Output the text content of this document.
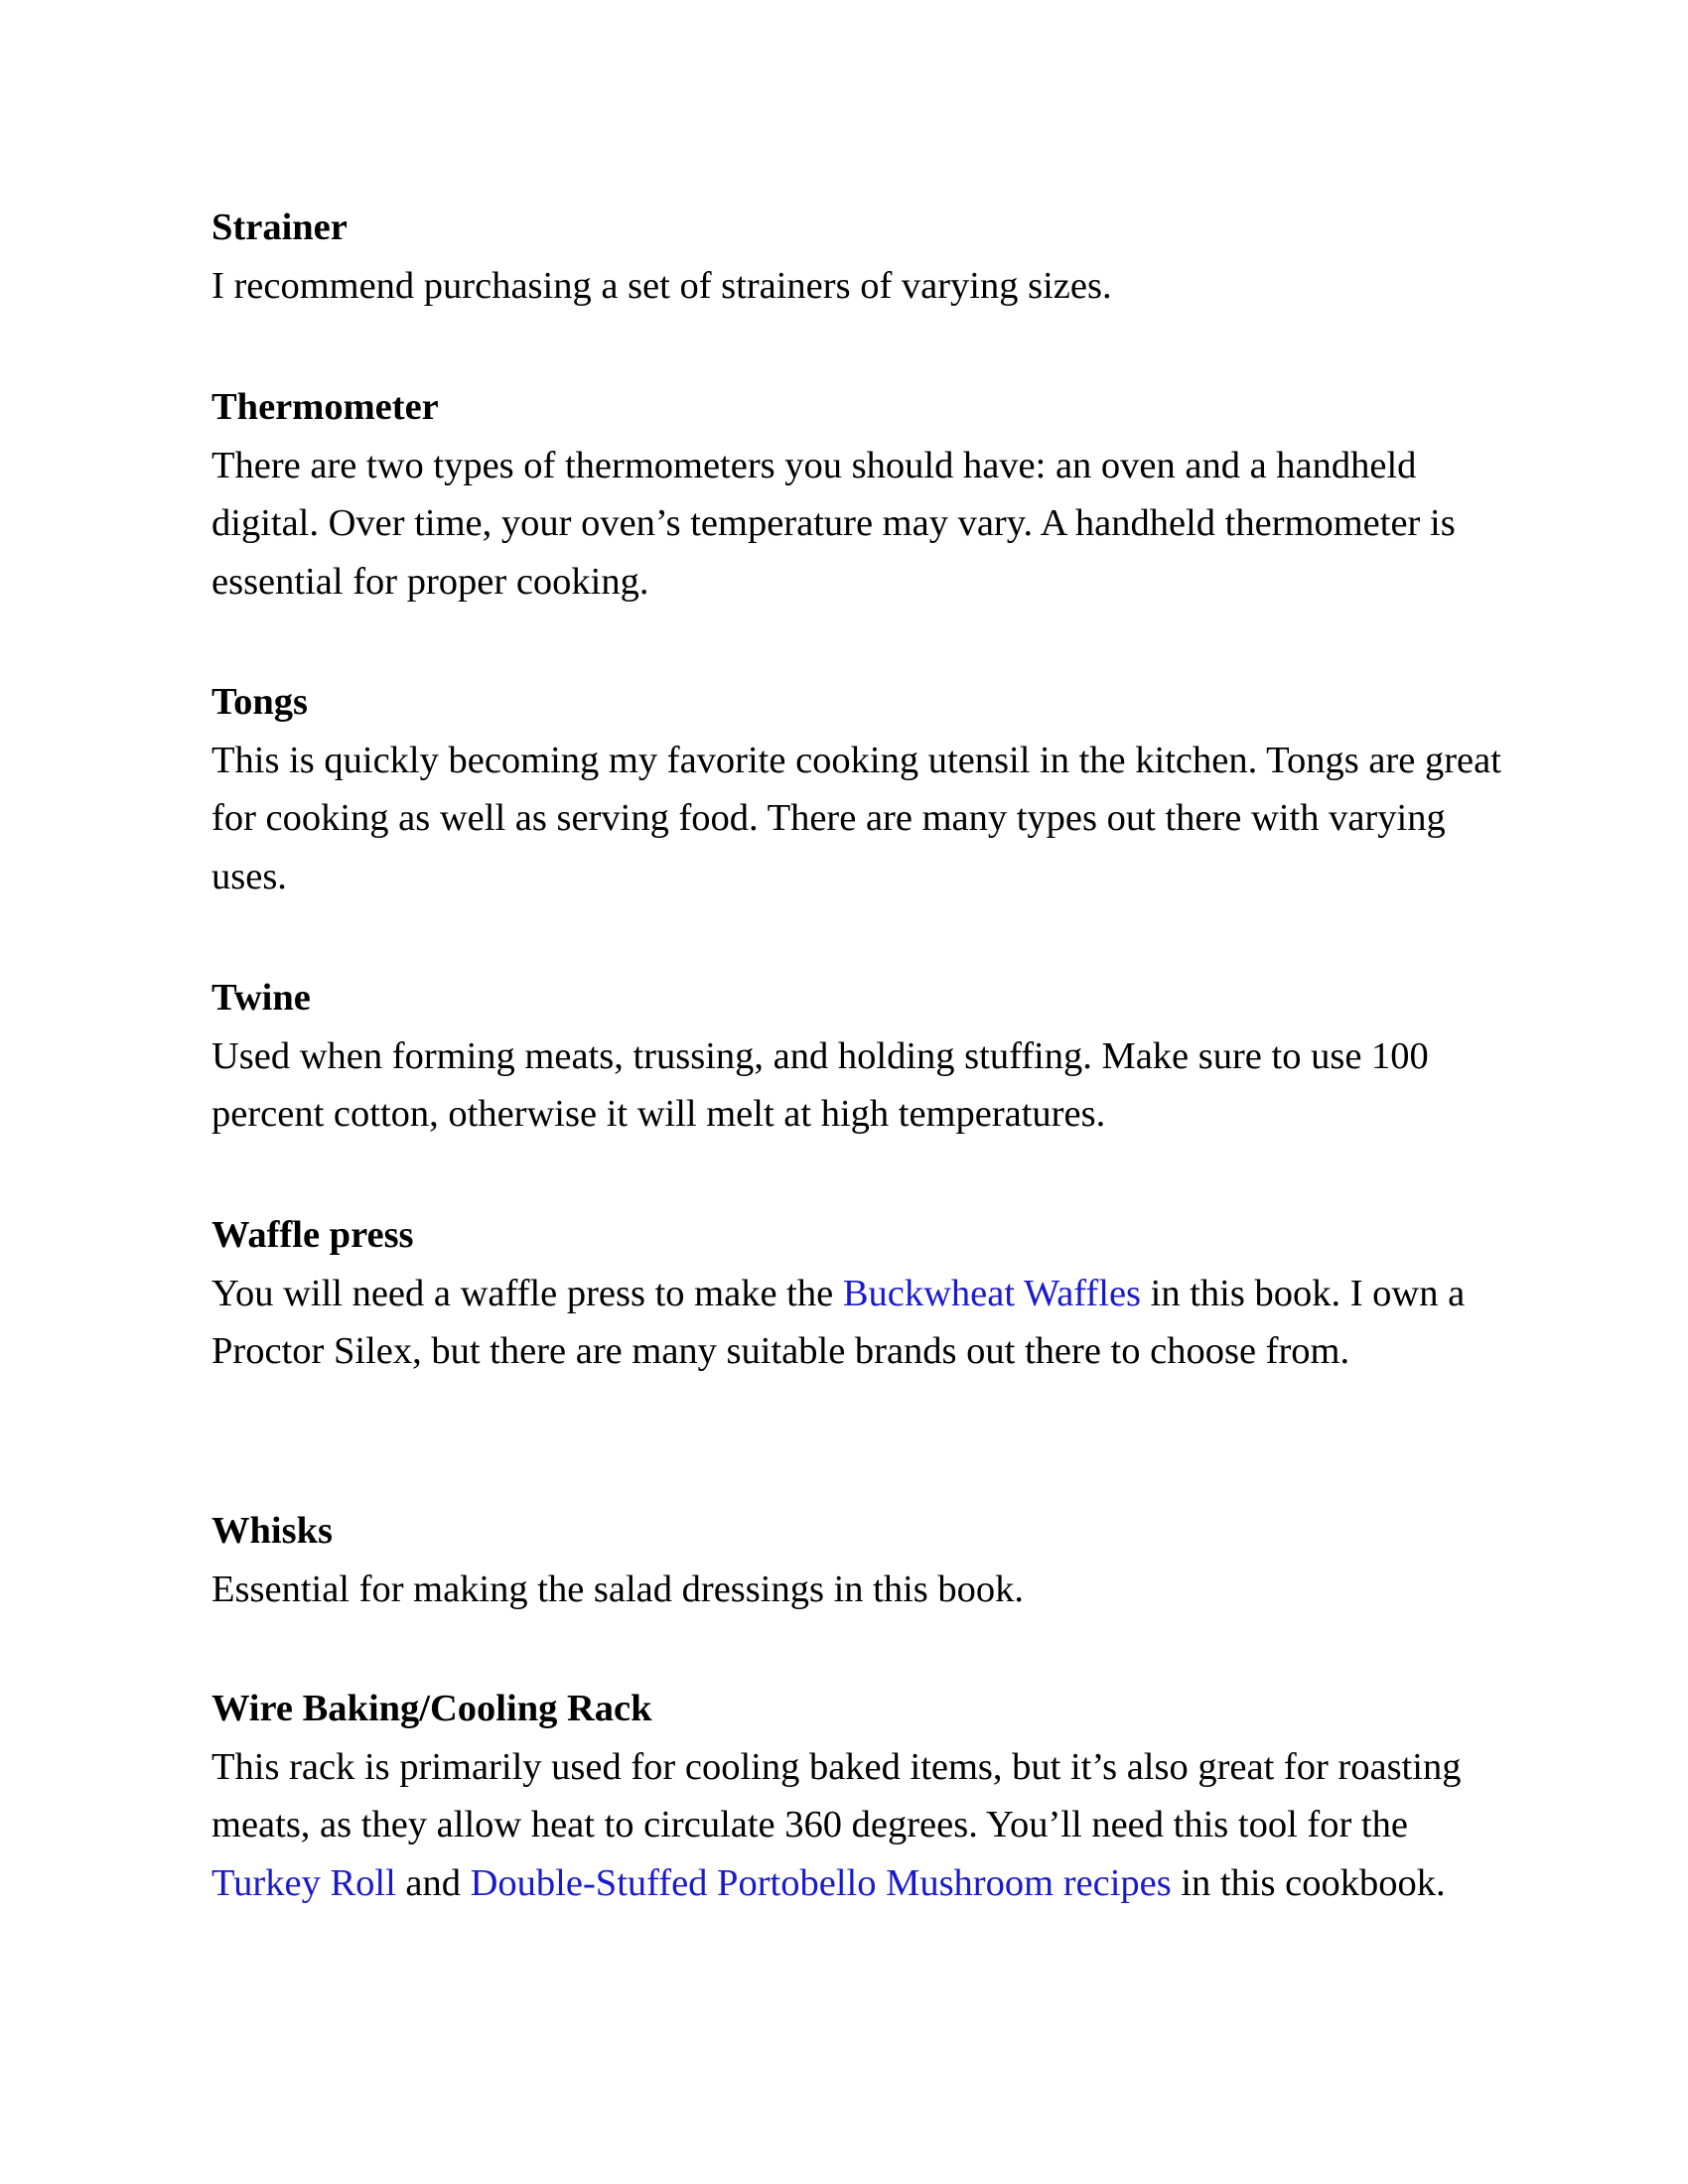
Strainer

I recommend purchasing a set of strainers of varying sizes.

Thermometer

There are two types of thermometers you should have: an oven and a handheld digital. Over time, your oven’s temperature may vary. A handheld thermometer is essential for proper cooking.

Tongs

This is quickly becoming my favorite cooking utensil in the kitchen. Tongs are great for cooking as well as serving food. There are many types out there with varying uses.

Twine

Used when forming meats, trussing, and holding stuffing. Make sure to use 100 percent cotton, otherwise it will melt at high temperatures.

Waffle press

You will need a waffle press to make the Buckwheat Waffles in this book. I own a Proctor Silex, but there are many suitable brands out there to choose from.

Whisks

Essential for making the salad dressings in this book.

Wire Baking/Cooling Rack

This rack is primarily used for cooling baked items, but it’s also great for roasting meats, as they allow heat to circulate 360 degrees. You’ll need this tool for the Turkey Roll and Double-Stuffed Portobello Mushroom recipes in this cookbook.
